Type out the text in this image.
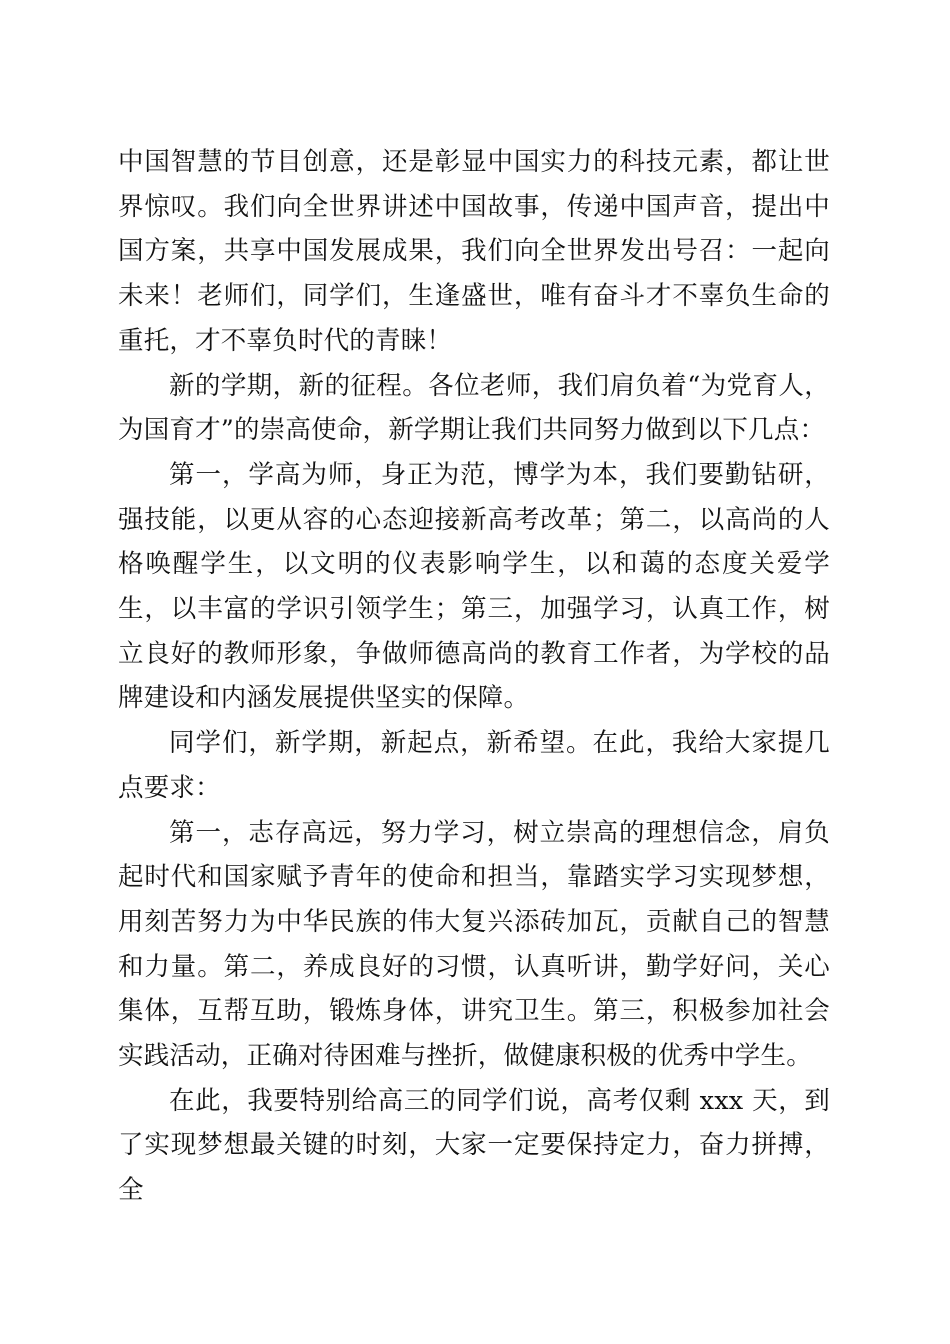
中国智慧的节目创意，还是彰显中国实力的科技元素，都让世界惊叹。我们向全世界讲述中国故事，传递中国声音，提出中国方案，共享中国发展成果，我们向全世界发出号召：一起向未来！老师们，同学们，生逢盛世，唯有奋斗才不辜负生命的重托，才不辜负时代的青睐！

新的学期，新的征程。各位老师，我们肩负着“为党育人，为国育才”的崇高使命，新学期让我们共同努力做到以下几点：

第一，学高为师，身正为范，博学为本，我们要勤钻研，强技能，以更从容的心态迎接新高考改革；第二，以高尚的人格唤醒学生，以文明的仪表影响学生，以和蔼的态度关爱学生，以丰富的学识引领学生；第三，加强学习，认真工作，树立良好的教师形象，争做师德高尚的教育工作者，为学校的品牌建设和内涵发展提供坚实的保障。

同学们，新学期，新起点，新希望。在此，我给大家提几点要求：

第一，志存高远，努力学习，树立崇高的理想信念，肩负起时代和国家赋予青年的使命和担当，靠踏实学习实现梦想，用刻苦努力为中华民族的伟大复兴添砖加瓦，贡献自己的智慧和力量。第二，养成良好的习惯，认真听讲，勤学好问，关心集体，互帮互助，锻炼身体，讲究卫生。第三，积极参加社会实践活动，正确对待困难与挫折，做健康积极的优秀中学生。

在此，我要特别给高三的同学们说，高考仅剩 xxx 天，到了实现梦想最关键的时刻，大家一定要保持定力，奋力拼搏，全
